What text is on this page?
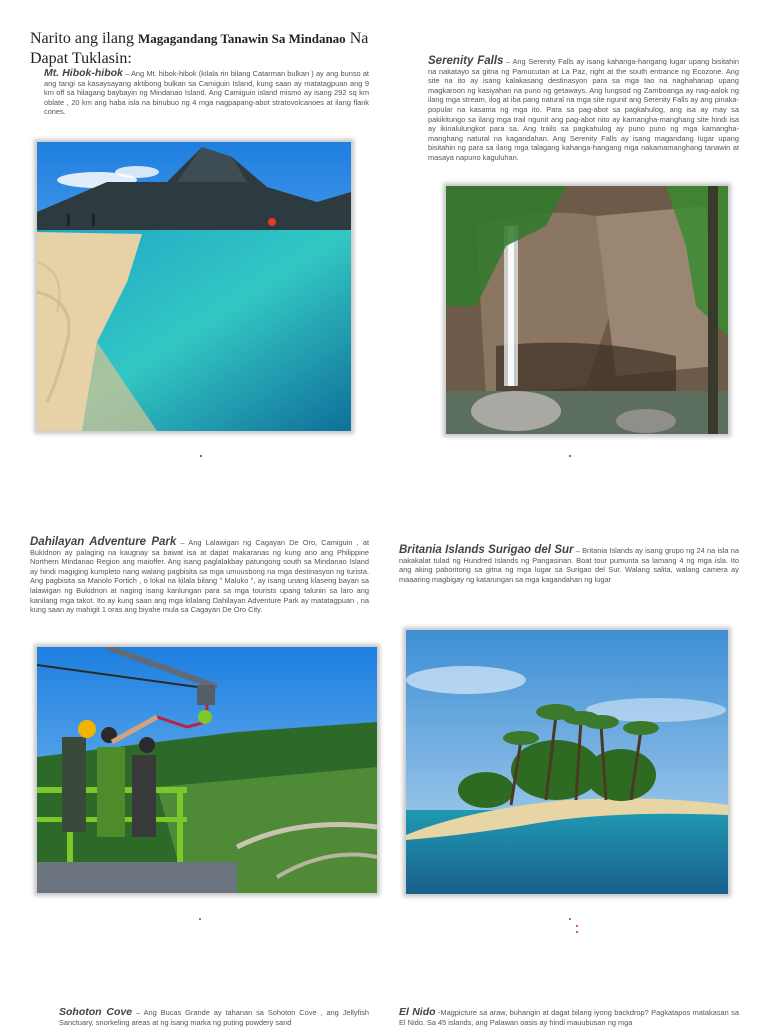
Narito ang ilang Magagandang Tanawin Sa Mindanao Na
Dapat Tuklasin:
Mt. Hibok-hibok – Ang Mt. hibok-hibok (kilala rin bilang Catarman bulkan ) ay ang bunso at ang tangi sa kasaysayang aktibong bulkan sa Camiguin Island, kung saan ay matatagpuan ang 9 km off sa hilagang baybayin ng Mindanao Island. Ang Camiguin island mismo ay isang 292 sq km oblate , 20 km ang haba isla na binubuo ng 4 mga nagpapang-abot stratovolcanoes at ilang flank cones.
Serenity Falls – Ang Serenity Falls ay isang kahanga-hangang lugar upang bisitahin na nakatayo sa gitna ng Pamucutan at La Paz, right at the south entrance ng Ecozone. Ang site na ito ay isang kalakasang destinasyon para sa mga tao na naghahanap upang magkaroon ng kasiyahan na puno ng getaways. Ang lungsod ng Zamboanga ay nag-aalok ng ilang mga stream, ilog at iba pang natural na mga site ngunit ang Serenity Falls ay ang pinaka-popular na kasama ng mga ito. Para sa pag-abot sa pagkahulog, ang isa ay may sa pakikitungo sa ilang mga trail ngunit ang pag-abot nito ay kamangha-manghang site hindi isa ay ikinalulungkot para sa. Ang trails sa pagkahulog ay puno puno ng mga kamangha-manghang natural na kagandahan. Ang Serenity Falls ay isang magandang lugar upang bisitahin ng para sa ilang mga talagang kahanga-hangang mga nakamamanghang tanawin at masaya napuno kaguluhan.
Dahilayan Adventure Park – Ang Lalawigan ng Cagayan De Oro, Camiguin , at Bukidnon ay palaging na kaugnay sa bawat isa at dapat makaranas ng kung ano ang Philippine Northern Mindanao Region ang maioffer. Ang isang paglalakbay patungong south sa Mindanao Island ay hindi magiging kumpleto nang walang pagbisita sa mga umuusbong na mga destinasyon ng turista. Ang pagbisita sa Manolo Fortich , o lokal na kilala bilang " Maluko ", ay isang unang klaseng bayan sa lalawigan ng Bukidnon at naging isang kanlungan para sa mga tourists upang talunin sa laro ang kanilang mga takot. Ito ay kung saan ang mga kilalang Dahilayan Adventure Park ay matatagpuan , na kung saan ay mahigit 1 oras ang biyahe mula sa Cagayan De Oro City.
Britania Islands Surigao del Sur – Britania Islands ay isang grupo ng 24 na isla na nakakalat tulad ng Hundred Islands ng Pangasinan. Boat tour pumunta sa lamang 4 ng mga isla. Ito ang aking paboritong sa gitna ng mga lugar sa Surigao del Sur. Walang salita, walang camera ay maaaring magbigay ng katarungan sa mga kagandahan ng lugar
Sohoton Cove – Ang Bucas Grande ay tahanan sa Sohoton Cove , ang Jellyfish Sanctuary, snorkeling areas at ng isang marka ng puting powdery sand
El Nido -Magpicture sa araw, buhangin at dagat bilang iyong backdrop? Pagkatapos matakasan sa El Nido. Sa 45 islands, ang Palawan oasis ay hindi mauubusan ng mga
